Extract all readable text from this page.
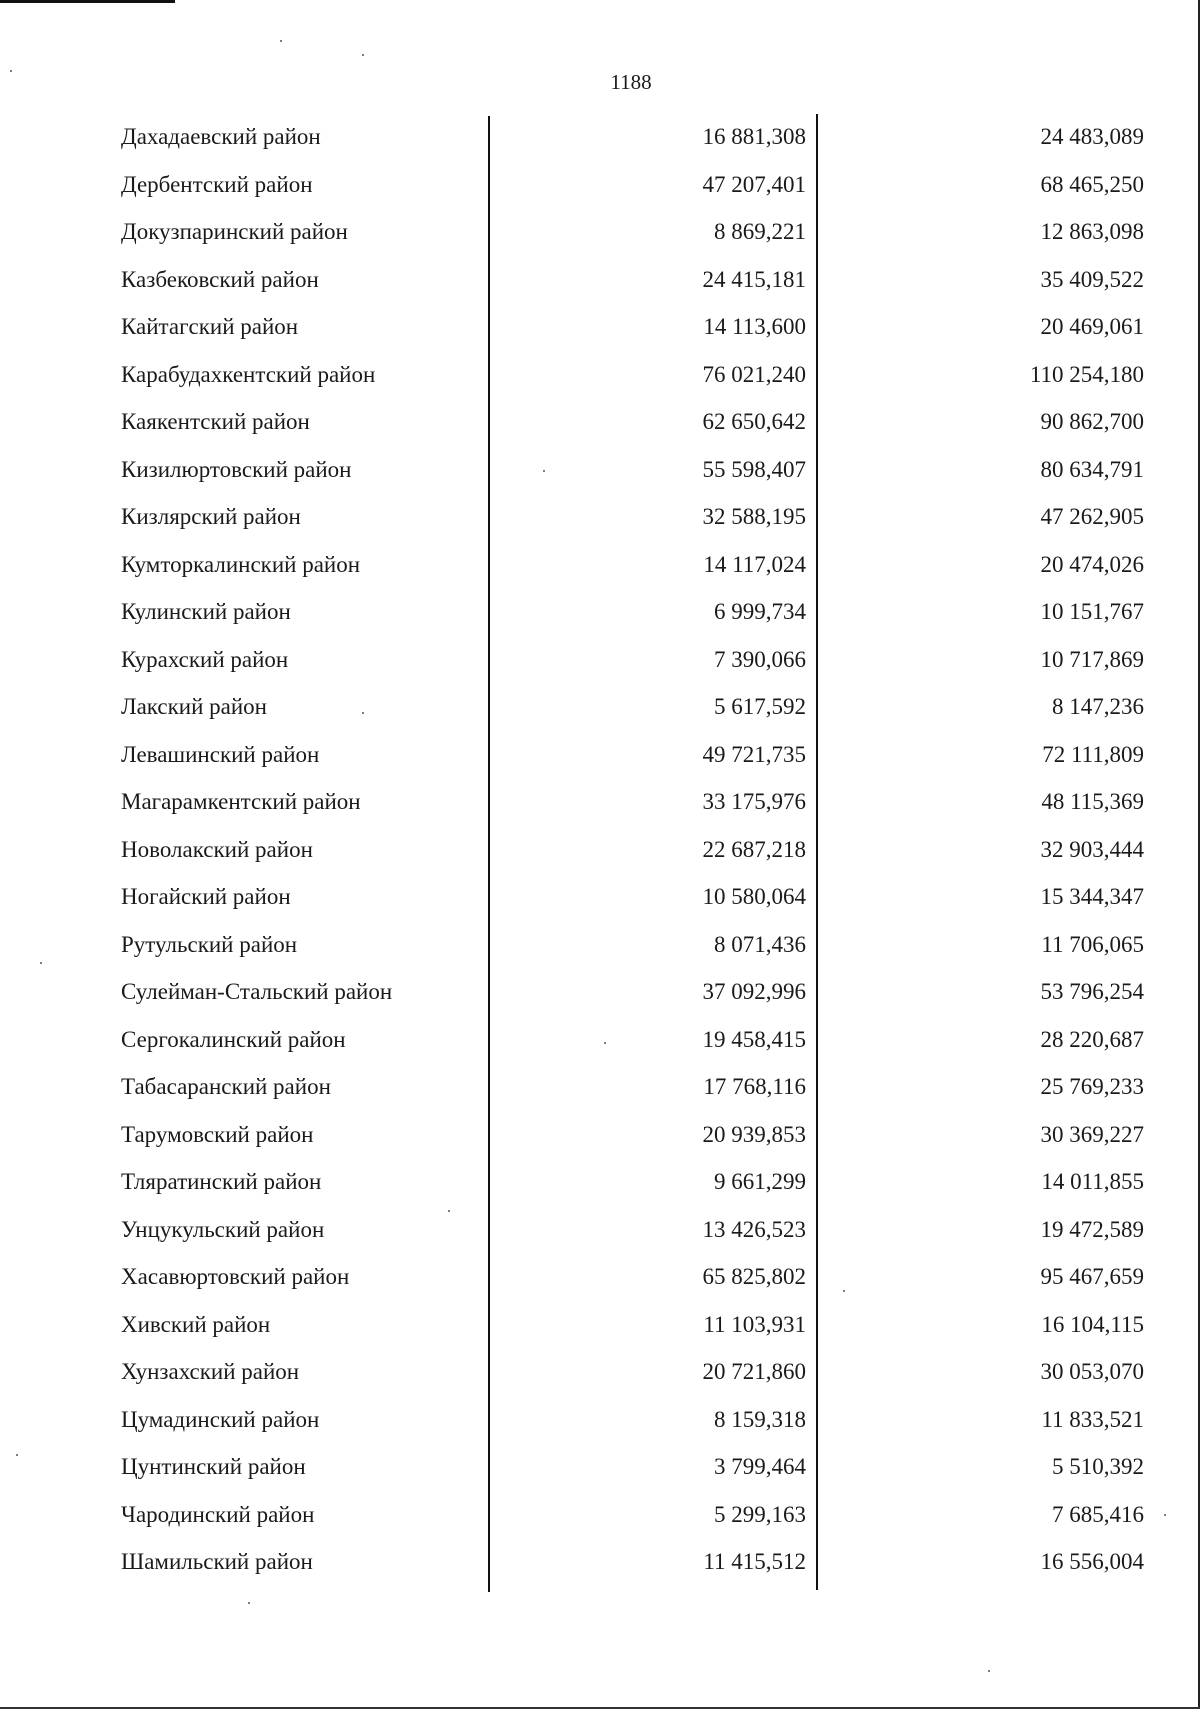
1188
Дахадаевский район	16 881,308	24 483,089
Дербентский район	47 207,401	68 465,250
Докузпаринский район	8 869,221	12 863,098
Казбековский район	24 415,181	35 409,522
Кайтагский район	14 113,600	20 469,061
Карабудахкентский район	76 021,240	110 254,180
Каякентский район	62 650,642	90 862,700
Кизилюртовский район	55 598,407	80 634,791
Кизлярский район	32 588,195	47 262,905
Кумторкалинский район	14 117,024	20 474,026
Кулинский район	6 999,734	10 151,767
Курахский район	7 390,066	10 717,869
Лакский район	5 617,592	8 147,236
Левашинский район	49 721,735	72 111,809
Магарамкентский район	33 175,976	48 115,369
Новолакский район	22 687,218	32 903,444
Ногайский район	10 580,064	15 344,347
Рутульский район	8 071,436	11 706,065
Сулейман-Стальский район	37 092,996	53 796,254
Сергокалинский район	19 458,415	28 220,687
Табасаранский район	17 768,116	25 769,233
Тарумовский район	20 939,853	30 369,227
Тляратинский район	9 661,299	14 011,855
Унцукульский район	13 426,523	19 472,589
Хасавюртовский район	65 825,802	95 467,659
Хивский район	11 103,931	16 104,115
Хунзахский район	20 721,860	30 053,070
Цумадинский район	8 159,318	11 833,521
Цунтинский район	3 799,464	5 510,392
Чародинский район	5 299,163	7 685,416
Шамильский район	11 415,512	16 556,004
